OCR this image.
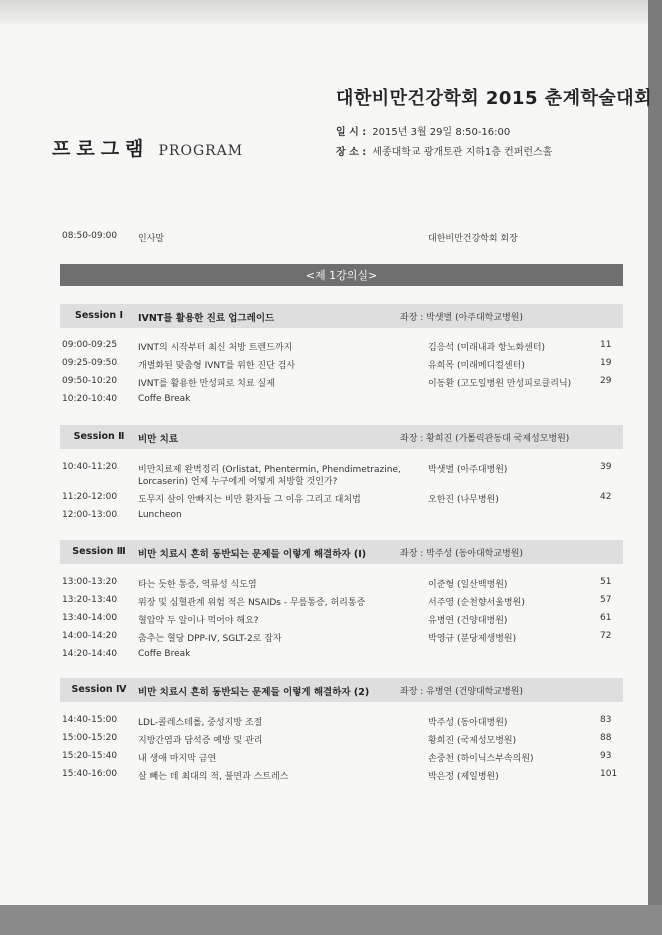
대한비만건강학회 2015 춘계학술대회
프로그램 PROGRAM
일 시 : 2015년 3월 29일 8:50-16:00
장 소 : 세종대학교 광개토관 지하1층 컨퍼런스홀
08:50-09:00 인사말	대한비만건강학회 회장
<제 1강의실>
Session Ⅰ	IVNT를 활용한 진료 업그레이드	좌장 : 박샛별 (아주대학교병원)
09:00-09:25 IVNT의 시작부터 최신 처방 트렌드까지	김응석 (미래내과 항노화센터)	11
09:25-09:50 개별화된 맞춤형 IVNT를 위한 진단 검사	유희목 (미래메디컬센터)	19
09:50-10:20 IVNT를 활용한 만성피로 치료 실제	이동환 (고도일병원 만성피로클리닉)	29
10:20-10:40 Coffe Break
Session Ⅱ	비만 치료	좌장 : 황희진 (가톨릭관동대 국제성모병원)
10:40-11:20 비만치료제 완벽정리 (Orlistat, Phentermin, Phendimetrazine,
Lorcaserin) 언제 누구에게 어떻게 처방할 것인가?
박샛별 (아주대병원)	39
11:20-12:00 도무지 살이 안빠지는 비만 환자들 그 이유 그리고 대처법	오한진 (나무병원)	42
12:00-13:00 Luncheon
Session Ⅲ	비만 치료시 흔히 동반되는 문제들 이렇게 해결하자 (I)	좌장 : 박주성 (동아대학교병원)
13:00-13:20 타는 듯한 통증, 역류성 식도염	이준형 (일산백병원)	51
13:20-13:40 위장 및 심혈관계 위험 적은 NSAIDs - 무릎통증, 허리통증	서주영 (순천향서울병원)	57
13:40-14:00 혈압약 두 알이나 먹어야 해요?	유병연 (건양대병원)	61
14:00-14:20 춤추는 혈당 DPP-IV, SGLT-2로 잡자	박영규 (분당제생병원)	72
14:20-14:40 Coffe Break
Session Ⅳ	비만 치료시 흔히 동반되는 문제들 이렇게 해결하자 (2)	좌장 : 유병연 (건양대학교병원)
14:40-15:00 LDL-콜레스테롤, 중성지방 조절	박주성 (동아대병원)	83
15:00-15:20 지방간염과 담석증 예방 및 관리	황희진 (국제성모병원)	88
15:20-15:40 내 생애 마지막 금연	손중천 (하이닉스부속의원)	93
15:40-16:00 살 빼는 데 최대의 적, 불면과 스트레스	박은정 (제일병원)	101
